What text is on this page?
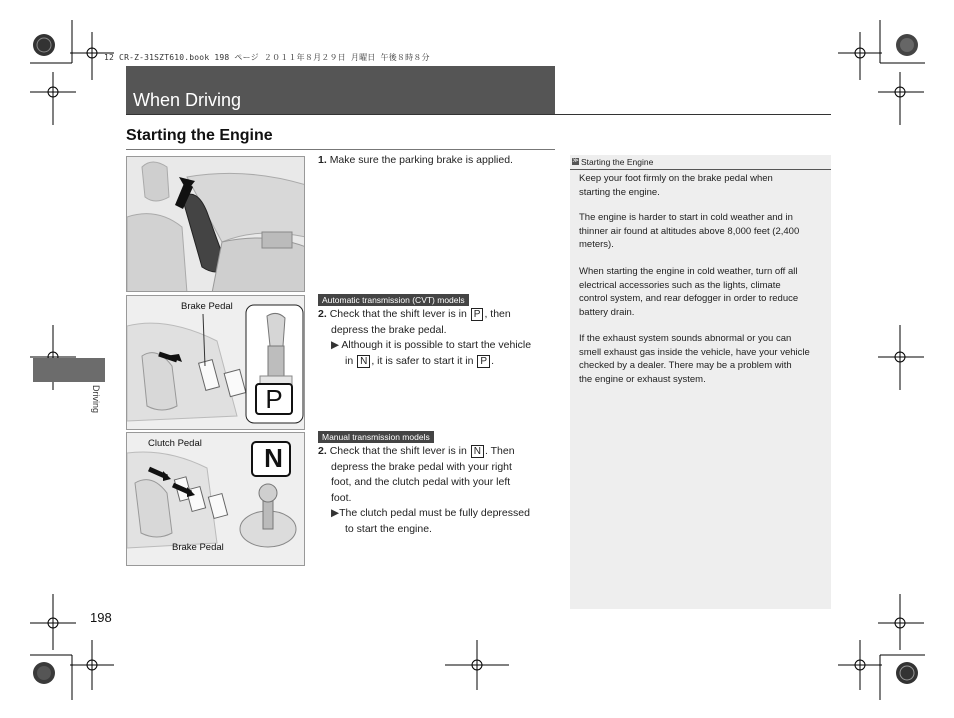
12 CR-Z-31SZT610.book 198 ページ ２０１１年８月２９日 月曜日 午後８時８分
When Driving
Starting the Engine
Driving
Brake Pedal
P
Clutch Pedal
Brake Pedal
N
1. Make sure the parking brake is applied.
Automatic transmission (CVT) models
2. Check that the shift lever is in P , then
depress the brake pedal.
▶ Although it is possible to start the vehicle
in N , it is safer to start it in P .
Manual transmission models
2. Check that the shift lever is in N . Then
depress the brake pedal with your right
foot, and the clutch pedal with your left
foot.
▶The clutch pedal must be fully depressed
to start the engine.
≫ Starting the Engine
Keep your foot firmly on the brake pedal when
starting the engine.
The engine is harder to start in cold weather and in
thinner air found at altitudes above 8,000 feet (2,400
meters).
When starting the engine in cold weather, turn off all
electrical accessories such as the lights, climate
control system, and rear defogger in order to reduce
battery drain.
If the exhaust system sounds abnormal or you can
smell exhaust gas inside the vehicle, have your vehicle
checked by a dealer. There may be a problem with
the engine or exhaust system.
198
